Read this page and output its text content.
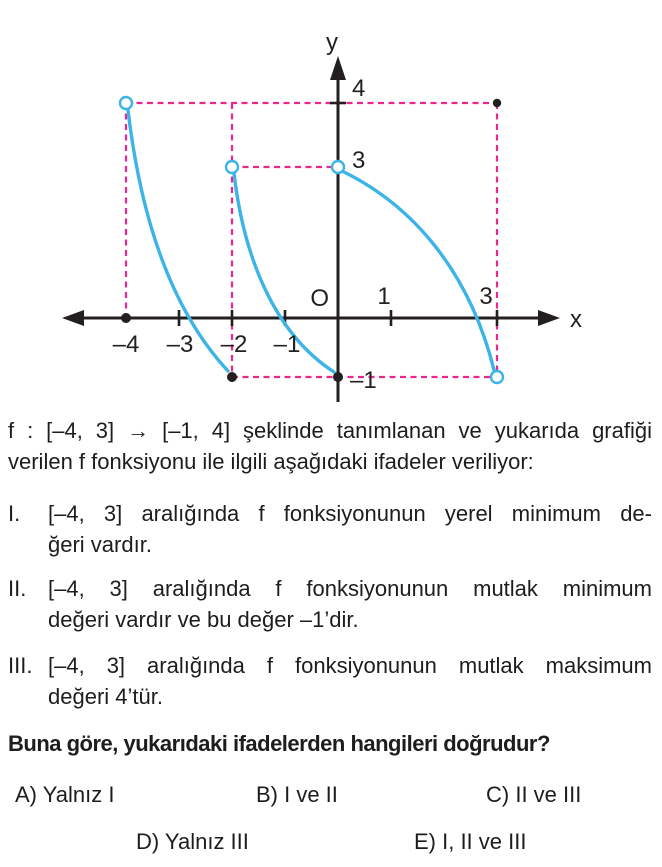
y
x
O
4
3
–1
1	3
–4 –3 –2 –1
f : [–4, 3] → [–1, 4] şeklinde tanımlanan ve yukarıda grafiği
verilen f fonksiyonu ile ilgili aşağıdaki ifadeler veriliyor:
I. [–4, 3] aralığında f fonksiyonunun yerel minimum de-
ğeri vardır.
II. [–4, 3] aralığında f fonksiyonunun mutlak minimum
değeri vardır ve bu değer –1’dir.
III. [–4, 3] aralığında f fonksiyonunun mutlak maksimum
değeri 4’tür.
Buna göre, yukarıdaki ifadelerden hangileri doğrudur?
A) Yalnız I	B) I ve II	C) II ve III
D) Yalnız III	E) I, II ve III
